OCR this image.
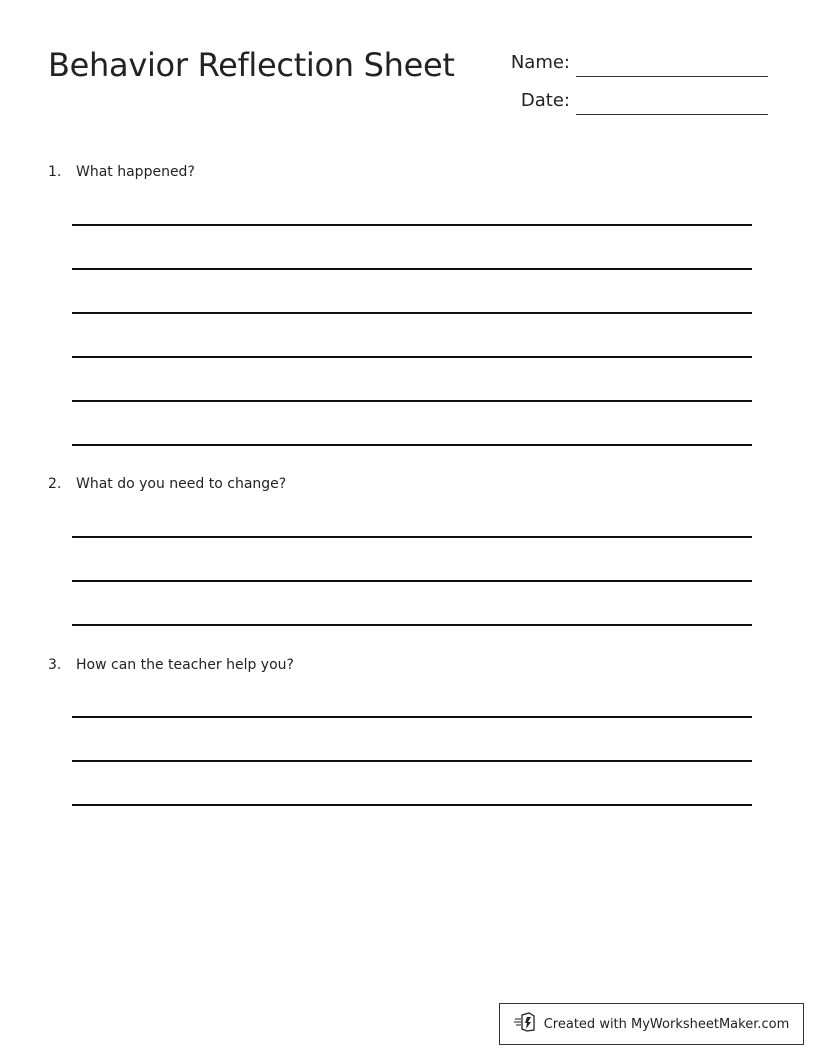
Behavior Reflection Sheet	Name:
Date:
1. What happened?
2. What do you need to change?
3. How can the teacher help you?
Created with MyWorksheetMaker.com
